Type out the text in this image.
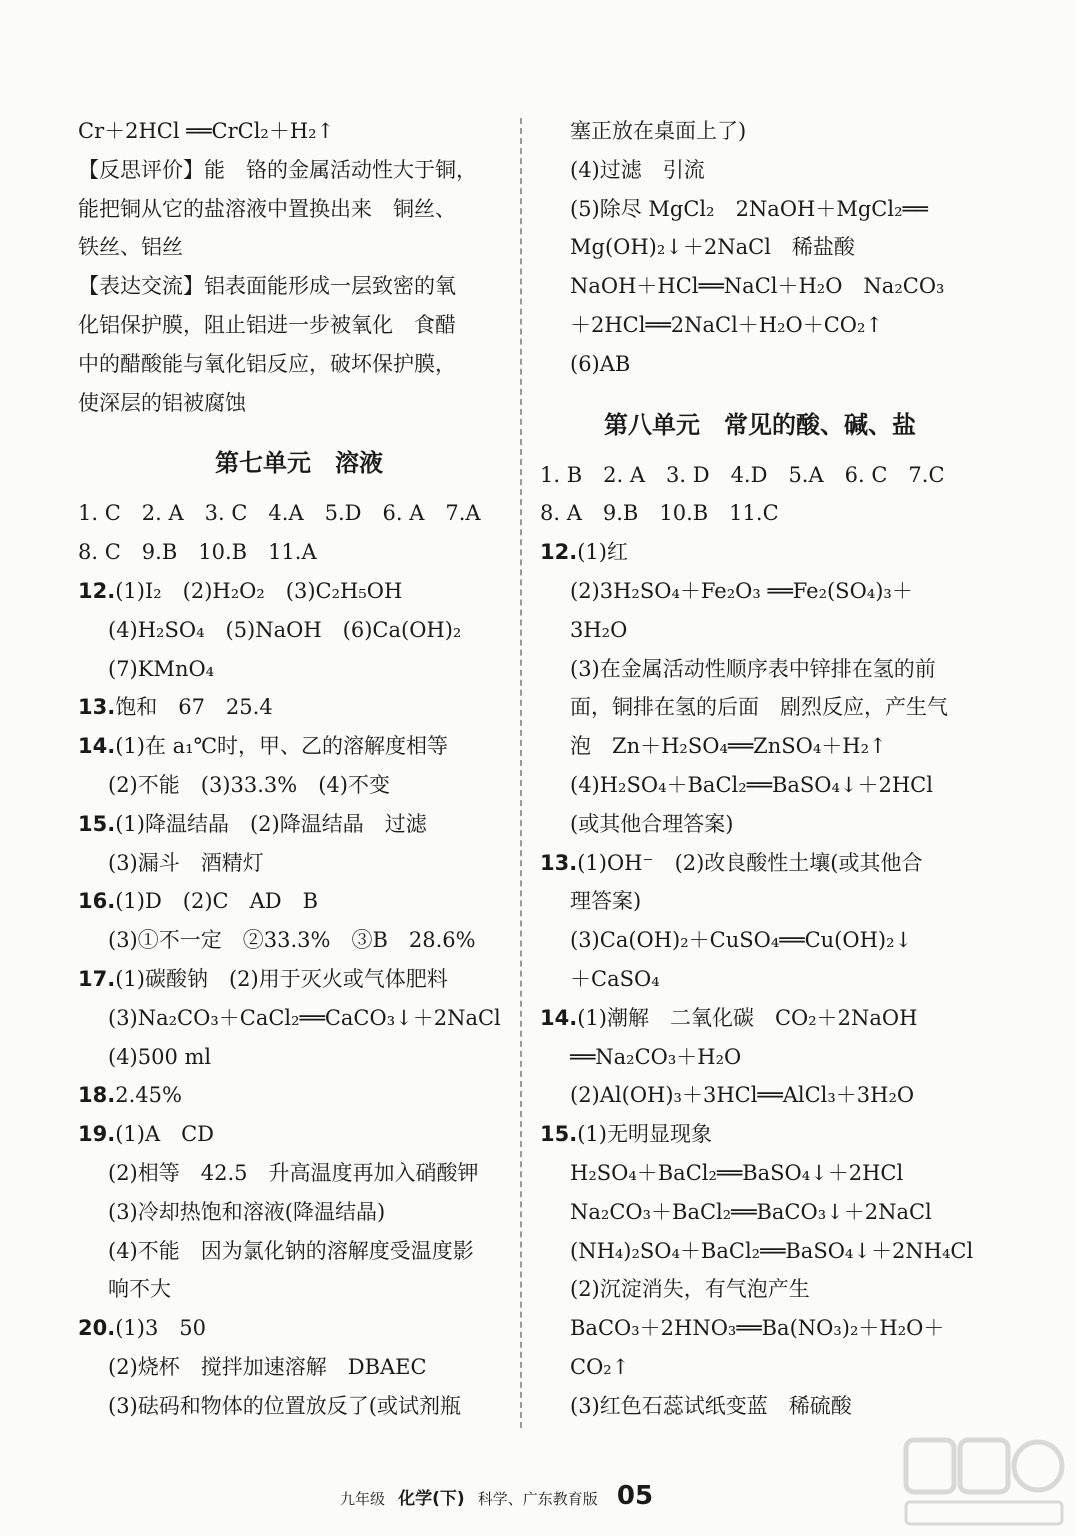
Cr＋2HCl ══CrCl₂＋H₂↑
【反思评价】能　铬的金属活动性大于铜，
能把铜从它的盐溶液中置换出来　铜丝、
铁丝、铝丝
【表达交流】铝表面能形成一层致密的氧
化铝保护膜，阻止铝进一步被氧化　食醋
中的醋酸能与氧化铝反应，破坏保护膜，
使深层的铝被腐蚀
第七单元　溶液
1. C　2. A　3. C　4.A　5.D　6. A　7.A
8. C　9.B　10.B　11.A
12.(1)I₂　(2)H₂O₂　(3)C₂H₅OH
(4)H₂SO₄　(5)NaOH　(6)Ca(OH)₂
(7)KMnO₄
13.饱和　67　25.4
14.(1)在 a₁℃时，甲、乙的溶解度相等
(2)不能　(3)33.3%　(4)不变
15.(1)降温结晶　(2)降温结晶　过滤
(3)漏斗　酒精灯
16.(1)D　(2)C　AD　B
(3)①不一定　②33.3%　③B　28.6%
17.(1)碳酸钠　(2)用于灭火或气体肥料
(3)Na₂CO₃＋CaCl₂══CaCO₃↓＋2NaCl
(4)500 ml
18.2.45%
19.(1)A　CD
(2)相等　42.5　升高温度再加入硝酸钾
(3)冷却热饱和溶液(降温结晶)
(4)不能　因为氯化钠的溶解度受温度影
响不大
20.(1)3　50
(2)烧杯　搅拌加速溶解　DBAEC
(3)砝码和物体的位置放反了(或试剂瓶
塞正放在桌面上了)
(4)过滤　引流
(5)除尽 MgCl₂　2NaOH＋MgCl₂══
Mg(OH)₂↓＋2NaCl　稀盐酸
NaOH＋HCl══NaCl＋H₂O　Na₂CO₃
＋2HCl══2NaCl＋H₂O＋CO₂↑
(6)AB
第八单元　常见的酸、碱、盐
1. B　2. A　3. D　4.D　5.A　6. C　7.C
8. A　9.B　10.B　11.C
12.(1)红
(2)3H₂SO₄＋Fe₂O₃ ══Fe₂(SO₄)₃＋
3H₂O
(3)在金属活动性顺序表中锌排在氢的前
面，铜排在氢的后面　剧烈反应，产生气
泡　Zn＋H₂SO₄══ZnSO₄＋H₂↑
(4)H₂SO₄＋BaCl₂══BaSO₄↓＋2HCl
(或其他合理答案)
13.(1)OH⁻　(2)改良酸性土壤(或其他合
理答案)
(3)Ca(OH)₂＋CuSO₄══Cu(OH)₂↓
＋CaSO₄
14.(1)潮解　二氧化碳　CO₂＋2NaOH
══Na₂CO₃＋H₂O
(2)Al(OH)₃＋3HCl══AlCl₃＋3H₂O
15.(1)无明显现象
H₂SO₄＋BaCl₂══BaSO₄↓＋2HCl
Na₂CO₃＋BaCl₂══BaCO₃↓＋2NaCl
(NH₄)₂SO₄＋BaCl₂══BaSO₄↓＋2NH₄Cl
(2)沉淀消失，有气泡产生
BaCO₃＋2HNO₃══Ba(NO₃)₂＋H₂O＋
CO₂↑
(3)红色石蕊试纸变蓝　稀硫酸
九年级 化学(下) 科学、广东教育版 05
